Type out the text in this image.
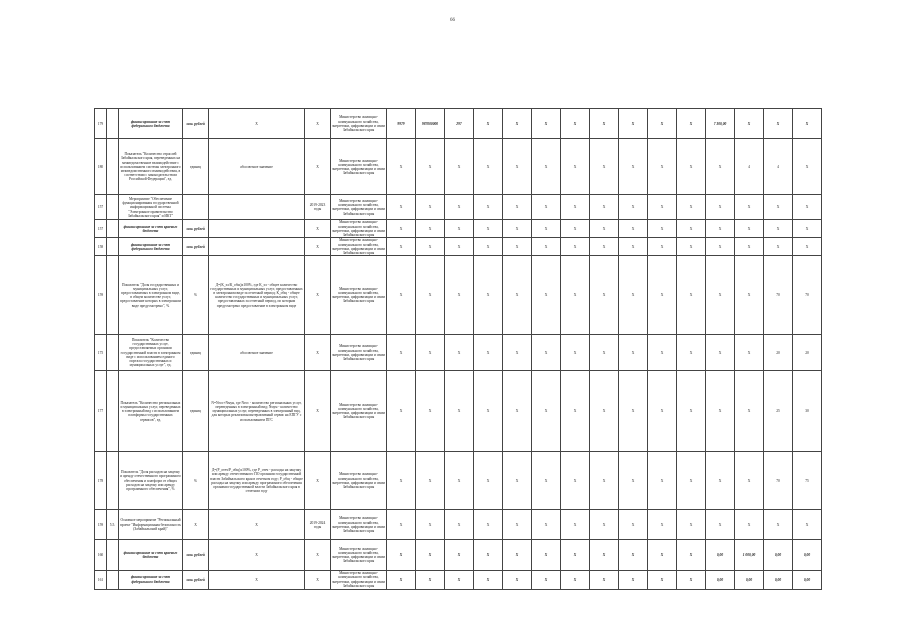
66
179		финансирование за счет федерального бюджета	млн. рублей	X	X	Министерство жилищно-коммунального хозяйства, энергетики, цифровизации и связи Забайкальского края	9979	987000000	297	X	X	X	X	X	X	X	X	7 300,00	X	X	X	
180		Показатель "Количество отраслей Забайкальского края, переведенных на межведомственное взаимодействие с использованием системы электронного межведомственного взаимодействия, в соответствии с законодательством Российской Федерации", ед.	единиц	абсолютное значение	X	Министерство жилищно-коммунального хозяйства, энергетики, цифровизации и связи Забайкальского края	X	X	X	X	X	X	X	X	X	X	X	X	4	4	X	
157		Мероприятие "Обеспечение функционирования государственной информационной системы "Электронное правительство Забайкальского края" и ИКТ"			2019-2023 годы	Министерство жилищно-коммунального хозяйства, энергетики, цифровизации и связи Забайкальского края	X	X	X	X	X	X	X	X	X	X	X	X	X	X	X	
157		финансирование за счет краевого бюджета	млн. рублей		X	Министерство жилищно-коммунального хозяйства, энергетики, цифровизации и связи Забайкальского края	X	X	X	X	X	X	X	X	X	X	X	X	X	X	X	
158		финансирование за счет федерального бюджета	млн. рублей		X	Министерство жилищно-коммунального хозяйства, энергетики, цифровизации и связи Забайкальского края	X	X	X	X	X	X	X	X	X	X	X	X	X	X	X	
159		Показатель "Доля государственных и муниципальных услуг, предоставляемых в электронном виде, в общем количестве услуг, предоставление которых в электронном виде предусмотрено", %	%	Д=(К_эл/К_общ)х100%, где К_эл - общее количество государственных и муниципальных услуг, предоставленных в электронном виде за отчетный период; К_общ - общее количество государственных и муниципальных услуг, предоставленных за отчетный период, по которым предусмотрено предоставление в электронном виде	X	Министерство жилищно-коммунального хозяйства, энергетики, цифровизации и связи Забайкальского края	X	X	X	X	X	X	X	X	X	X	X	X	X	70	70	
175		Показатель "Количество государственных услуг, предоставляемых органами государственной власти в электронном виде с использованием единого портала государственных и муниципальных услуг", ед.	единиц	абсолютное значение	X	Министерство жилищно-коммунального хозяйства, энергетики, цифровизации и связи Забайкальского края	X	X	X	X	X	X	X	X	X	X	X	X	X	20	20	
177		Показатель "Количество региональных и муниципальных услуг, переведенных в электронный вид с использованием платформы государственных сервисов", ед.	единиц	N=Nгос+Nмун, где Nгос - количество региональных услуг, переведенных в электронный вид; Nмун - количество муниципальных услуг, переведенных в электронный вид, для которых реализован интерактивный сервис на ЕПГУ с использованием ПГС	X	Министерство жилищно-коммунального хозяйства, энергетики, цифровизации и связи Забайкальского края	X	X	X	X	X	X	X	X	X	X	X	X	X	25	30	
178		Показатель "Доля расходов на закупку и аренду отечественного программного обеспечения и платформ от общих расходов на закупку или аренду программного обеспечения", %	%	Д=(Р_отеч/Р_общ)х100%, где Р_отеч - расходы на закупку или аренду отечественного ПО органами государственной власти Забайкальского края в отчетном году; Р_общ - общие расходы на закупку или аренду программного обеспечения органами государственной власти Забайкальского края в отчетном году	X	Министерство жилищно-коммунального хозяйства, энергетики, цифровизации и связи Забайкальского края	X	X	X	X	X	X	X	X	X	X	X	X	X	70	75	
159	5.5.	Основное мероприятие "Региональный проект "Информационная безопасность (Забайкальский край)"	X	X	2019-2024 годы	Министерство жилищно-коммунального хозяйства, энергетики, цифровизации и связи Забайкальского края	X	X	X	X	X	X	X	X	X	X	X	X	X	X	X	
160		финансирование за счет краевого бюджета	млн. рублей	X	X	Министерство жилищно-коммунального хозяйства, энергетики, цифровизации и связи Забайкальского края	X	X	X	X	X	X	X	X	X	X	X	0,00	1 000,00	0,00	0,00	
161		финансирование за счет федерального бюджета	млн. рублей	X	X	Министерство жилищно-коммунального хозяйства, энергетики, цифровизации и связи Забайкальского края	X	X	X	X	X	X	X	X	X	X	X	0,00	0,00	0,00	0,00	
